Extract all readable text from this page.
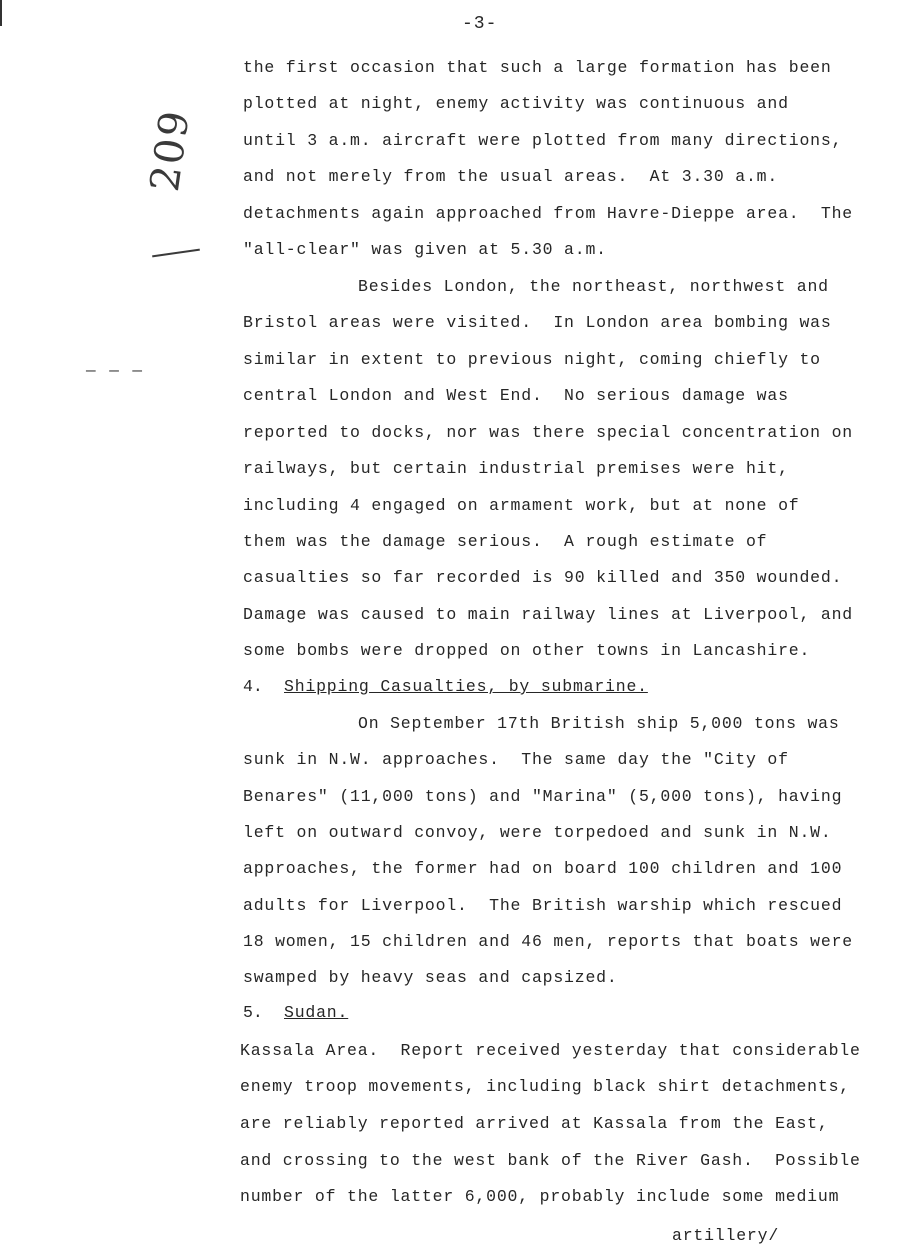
-3-
209
— — —
the first occasion that such a large formation has been
plotted at night, enemy activity was continuous and
until 3 a.m. aircraft were plotted from many directions,
and not merely from the usual areas.  At 3.30 a.m.
detachments again approached from Havre-Dieppe area.  The
"all-clear" was given at 5.30 a.m.
Besides London, the northeast, northwest and
Bristol areas were visited.  In London area bombing was
similar in extent to previous night, coming chiefly to
central London and West End.  No serious damage was
reported to docks, nor was there special concentration on
railways, but certain industrial premises were hit,
including 4 engaged on armament work, but at none of
them was the damage serious.  A rough estimate of
casualties so far recorded is 90 killed and 350 wounded.
Damage was caused to main railway lines at Liverpool, and
some bombs were dropped on other towns in Lancashire.
4. Shipping Casualties, by submarine.
On September 17th British ship 5,000 tons was
sunk in N.W. approaches.  The same day the "City of
Benares" (11,000 tons) and "Marina" (5,000 tons), having
left on outward convoy, were torpedoed and sunk in N.W.
approaches, the former had on board 100 children and 100
adults for Liverpool.  The British warship which rescued
18 women, 15 children and 46 men, reports that boats were
swamped by heavy seas and capsized.
5. Sudan.
Kassala Area.  Report received yesterday that considerable
enemy troop movements, including black shirt detachments,
are reliably reported arrived at Kassala from the East,
and crossing to the west bank of the River Gash.  Possible
number of the latter 6,000, probably include some medium
artillery/
